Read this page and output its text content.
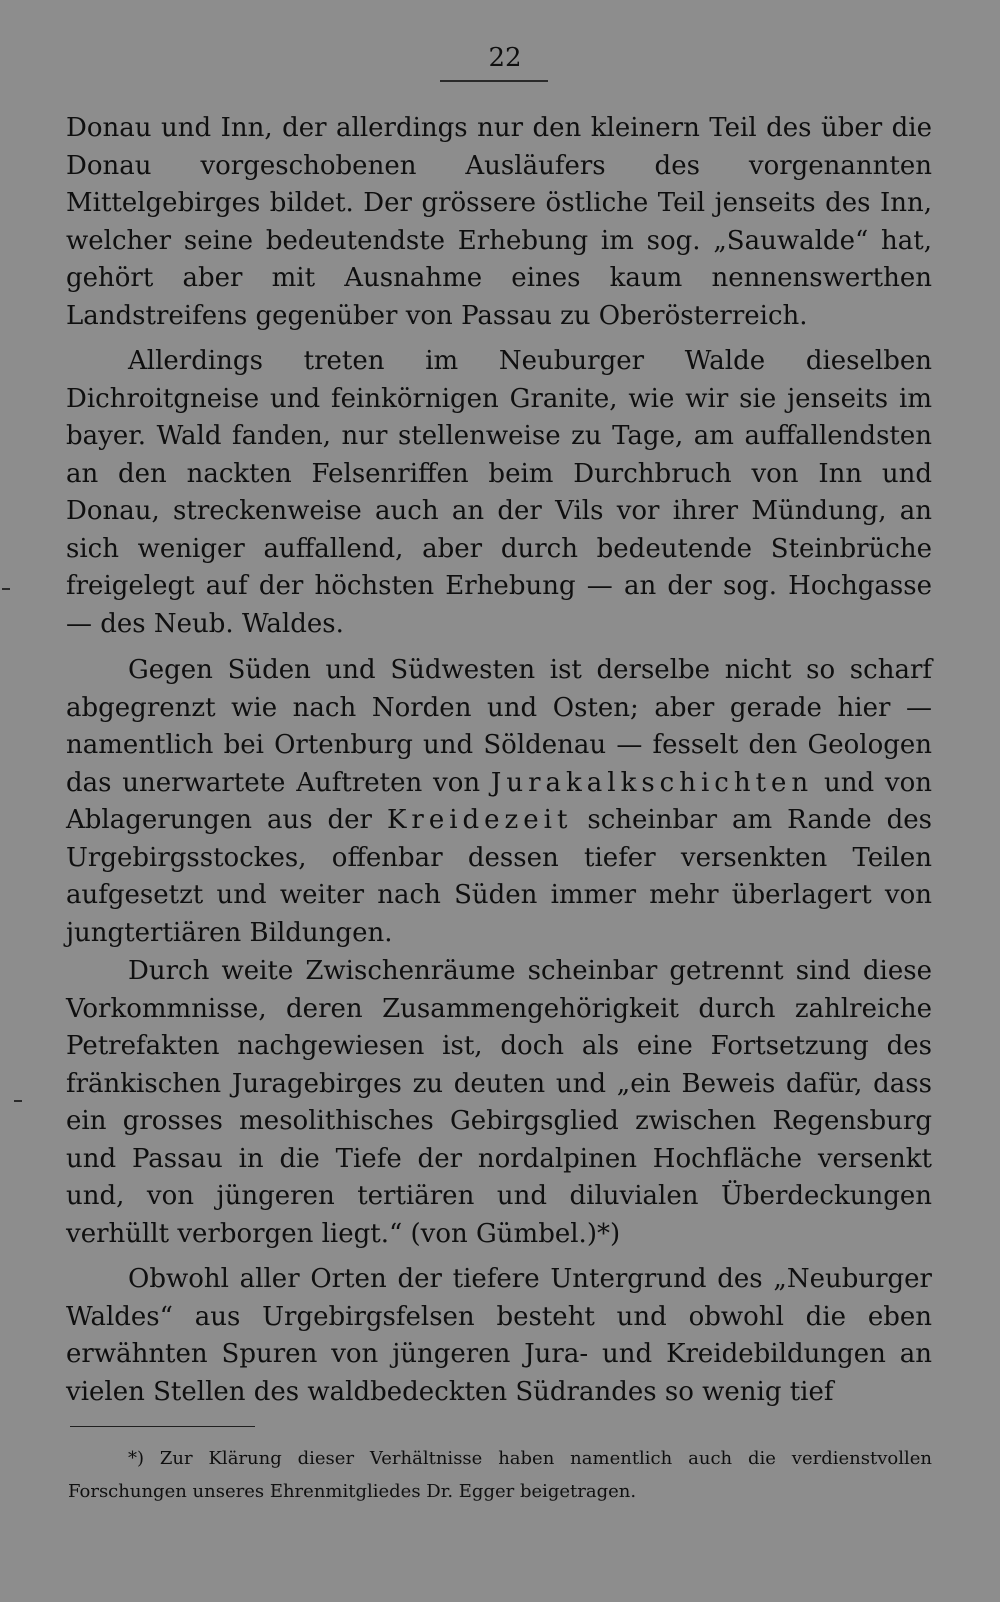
22

Donau und Inn, der allerdings nur den kleinern Teil des über die Donau vorgeschobenen Ausläufers des vorgenannten Mittelgebirges bildet. Der grössere östliche Teil jenseits des Inn, welcher seine bedeutendste Erhebung im sog. „Sauwalde“ hat, gehört aber mit Ausnahme eines kaum nennenswerthen Landstreifens gegenüber von Passau zu Oberösterreich.

Allerdings treten im Neuburger Walde dieselben Dichroitgneise und feinkörnigen Granite, wie wir sie jenseits im bayer. Wald fanden, nur stellenweise zu Tage, am auffallendsten an den nackten Felsenriffen beim Durchbruch von Inn und Donau, streckenweise auch an der Vils vor ihrer Mündung, an sich weniger auffallend, aber durch bedeutende Steinbrüche freigelegt auf der höchsten Erhebung — an der sog. Hochgasse — des Neub. Waldes.

Gegen Süden und Südwesten ist derselbe nicht so scharf abgegrenzt wie nach Norden und Osten; aber gerade hier — namentlich bei Ortenburg und Söldenau — fesselt den Geologen das unerwartete Auftreten von Jurakalkschichten und von Ablagerungen aus der Kreidezeit scheinbar am Rande des Urgebirgsstockes, offenbar dessen tiefer versenkten Teilen aufgesetzt und weiter nach Süden immer mehr überlagert von jungtertiären Bildungen.

Durch weite Zwischenräume scheinbar getrennt sind diese Vorkommnisse, deren Zusammengehörigkeit durch zahlreiche Petrefakten nachgewiesen ist, doch als eine Fortsetzung des fränkischen Juragebirges zu deuten und „ein Beweis dafür, dass ein grosses mesolithisches Gebirgsglied zwischen Regensburg und Passau in die Tiefe der nordalpinen Hochfläche versenkt und, von jüngeren tertiären und diluvialen Überdeckungen verhüllt verborgen liegt.“ (von Gümbel.)*)

Obwohl aller Orten der tiefere Untergrund des „Neuburger Waldes“ aus Urgebirgsfelsen besteht und obwohl die eben erwähnten Spuren von jüngeren Jura- und Kreidebildungen an vielen Stellen des waldbedeckten Südrandes so wenig tief

*) Zur Klärung dieser Verhältnisse haben namentlich auch die verdienstvollen Forschungen unseres Ehrenmitgliedes Dr. Egger beigetragen.
